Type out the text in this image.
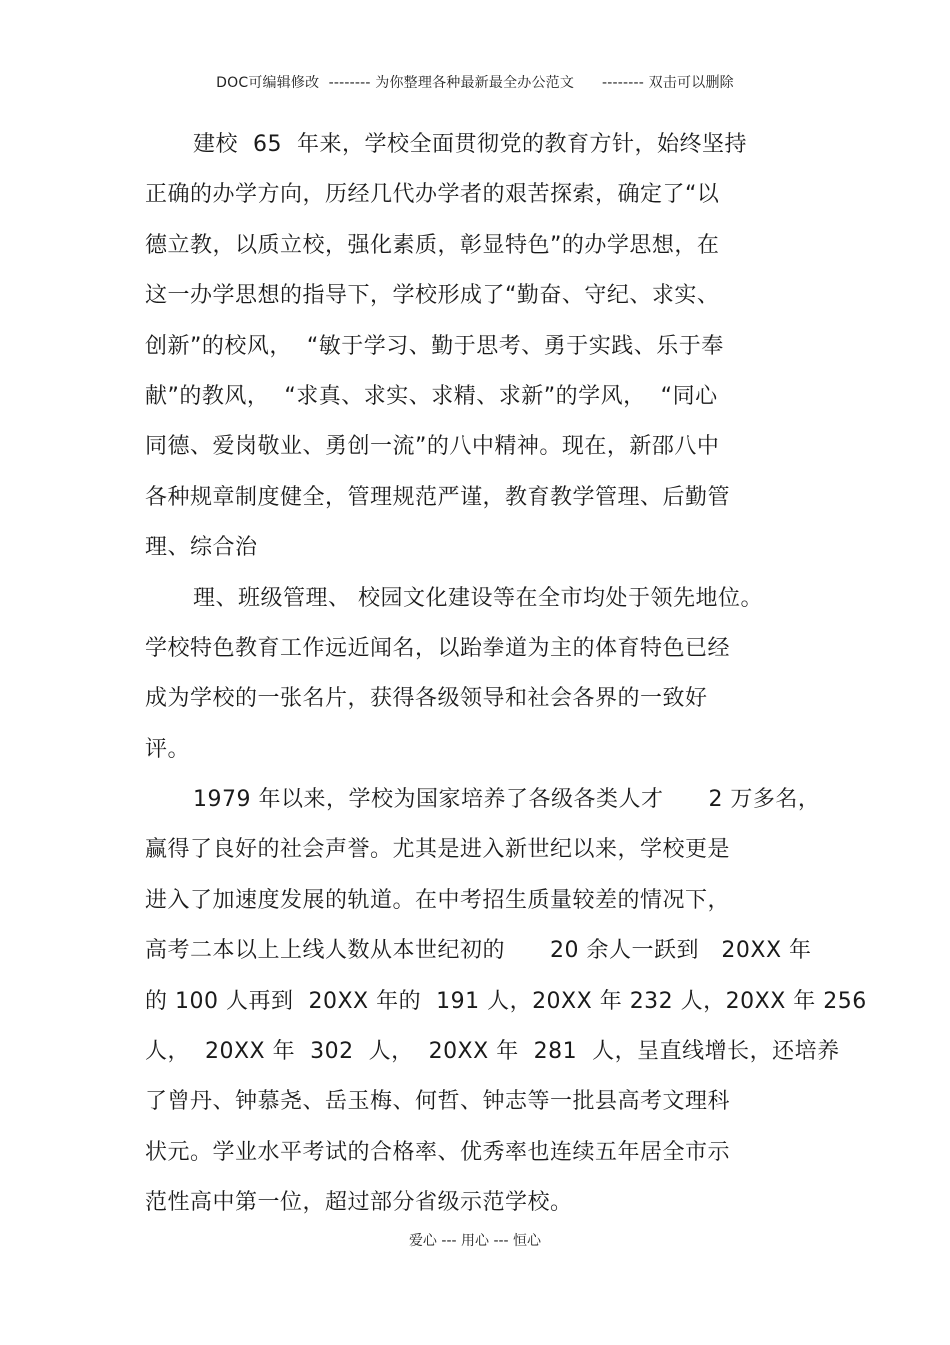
DOC可编辑修改  -------- 为你整理各种最新最全办公范文      -------- 双击可以删除
建校  65  年来，学校全面贯彻党的教育方针，始终坚持
正确的办学方向，历经几代办学者的艰苦探索，确定了“以
德立教，以质立校，强化素质，彰显特色”的办学思想，在
这一办学思想的指导下，学校形成了“勤奋、守纪、求实、
创新”的校风，  “敏于学习、勤于思考、勇于实践、乐于奉
献”的教风，  “求真、求实、求精、求新”的学风，  “同心
同德、爱岗敬业、勇创一流”的八中精神。现在，新邵八中
各种规章制度健全，管理规范严谨，教育教学管理、后勤管
理、综合治
理、班级管理、 校园文化建设等在全市均处于领先地位。
学校特色教育工作远近闻名，以跆拳道为主的体育特色已经
成为学校的一张名片，获得各级领导和社会各界的一致好
评。
1979 年以来，学校为国家培养了各级各类人才      2 万多名，
赢得了良好的社会声誉。尤其是进入新世纪以来，学校更是
进入了加速度发展的轨道。在中考招生质量较差的情况下，
高考二本以上上线人数从本世纪初的      20 余人一跃到   20XX 年
的 100 人再到  20XX 年的  191 人，20XX 年 232 人，20XX 年 256
人，  20XX 年  302  人，  20XX 年  281  人，呈直线增长，还培养
了曾丹、钟慕尧、岳玉梅、何哲、钟志等一批县高考文理科
状元。学业水平考试的合格率、优秀率也连续五年居全市示
范性高中第一位，超过部分省级示范学校。
爱心 --- 用心 --- 恒心
